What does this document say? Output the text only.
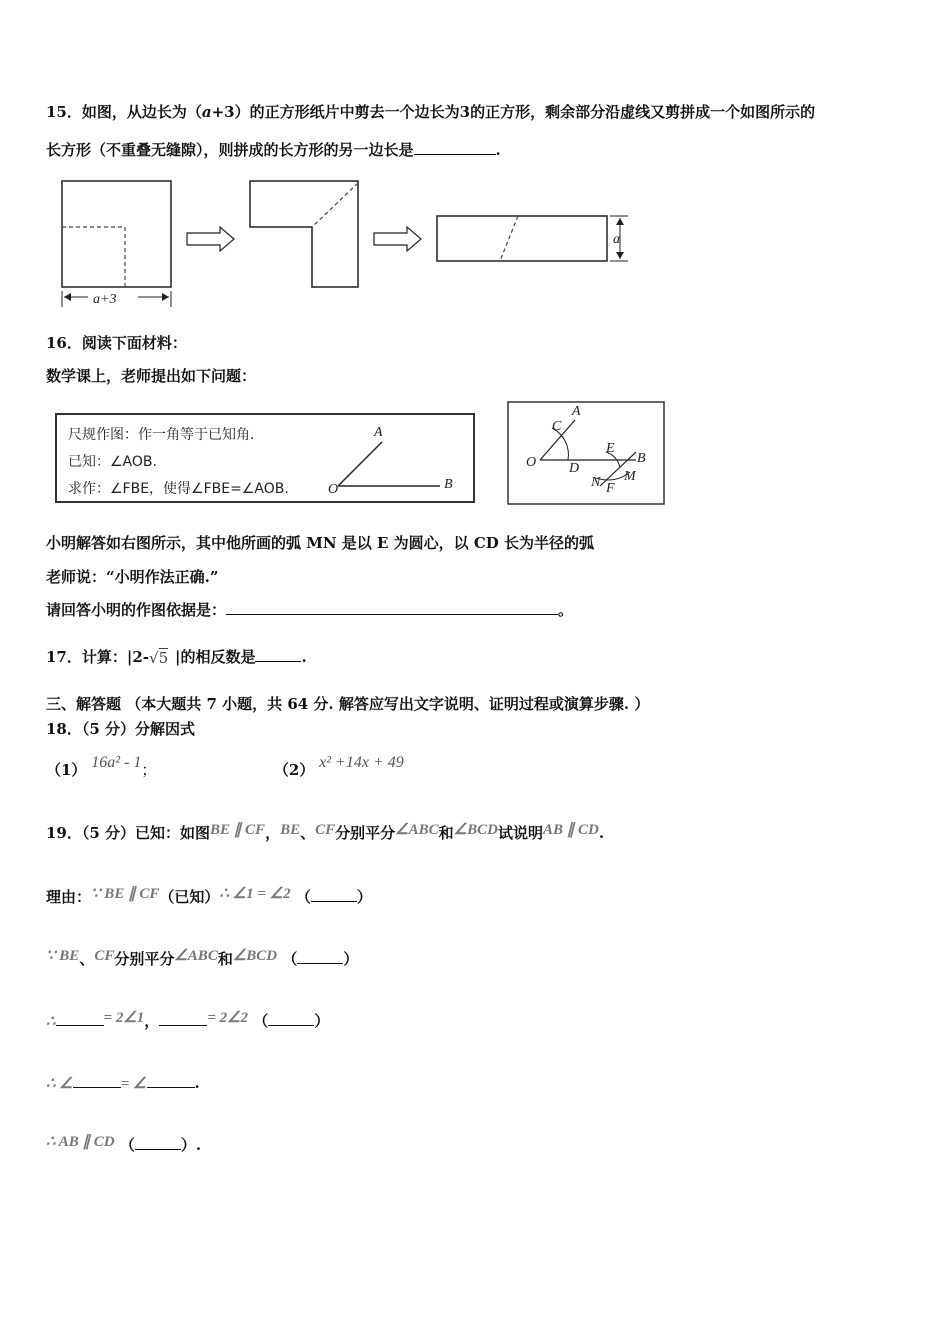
15．如图，从边长为（a+3）的正方形纸片中剪去一个边长为3的正方形，剩余部分沿虚线又剪拼成一个如图所示的
长方形（不重叠无缝隙），则拼成的长方形的另一边长是	.
a+3
a
16．阅读下面材料：
数学课上，老师提出如下问题：
尺规作图：作一角等于已知角.
已知：∠AOB.
求作：∠FBE，使得∠FBE=∠AOB.
A
O	B
A
C
O D
E
B
N M
F
小明解答如右图所示，其中他所画的弧 MN 是以 E 为圆心，以 CD 长为半径的弧
老师说：“小明作法正确.”
请回答小明的作图依据是：	。
17．计算：|2- √5 |的相反数是	.
三、解答题 （本大题共 7 小题，共 64 分. 解答应写出文字说明、证明过程或演算步骤. ）
18．（5 分）分解因式
（1） 16a² - 1；	（2） x² +14x + 49
19．（5 分）已知：如图BE ∥ CF，BE、CF分别平分∠ABC和∠BCD试说明AB ∥ CD.
理由：∵ BE ∥ CF（已知）∴ ∠1 = ∠2 （	）
∵ BE、CF分别平分∠ABC和∠BCD （	）
∴	= 2∠1，	= 2∠2 （	）
∴ ∠	= ∠	.
∴ AB ∥ CD （	）.
